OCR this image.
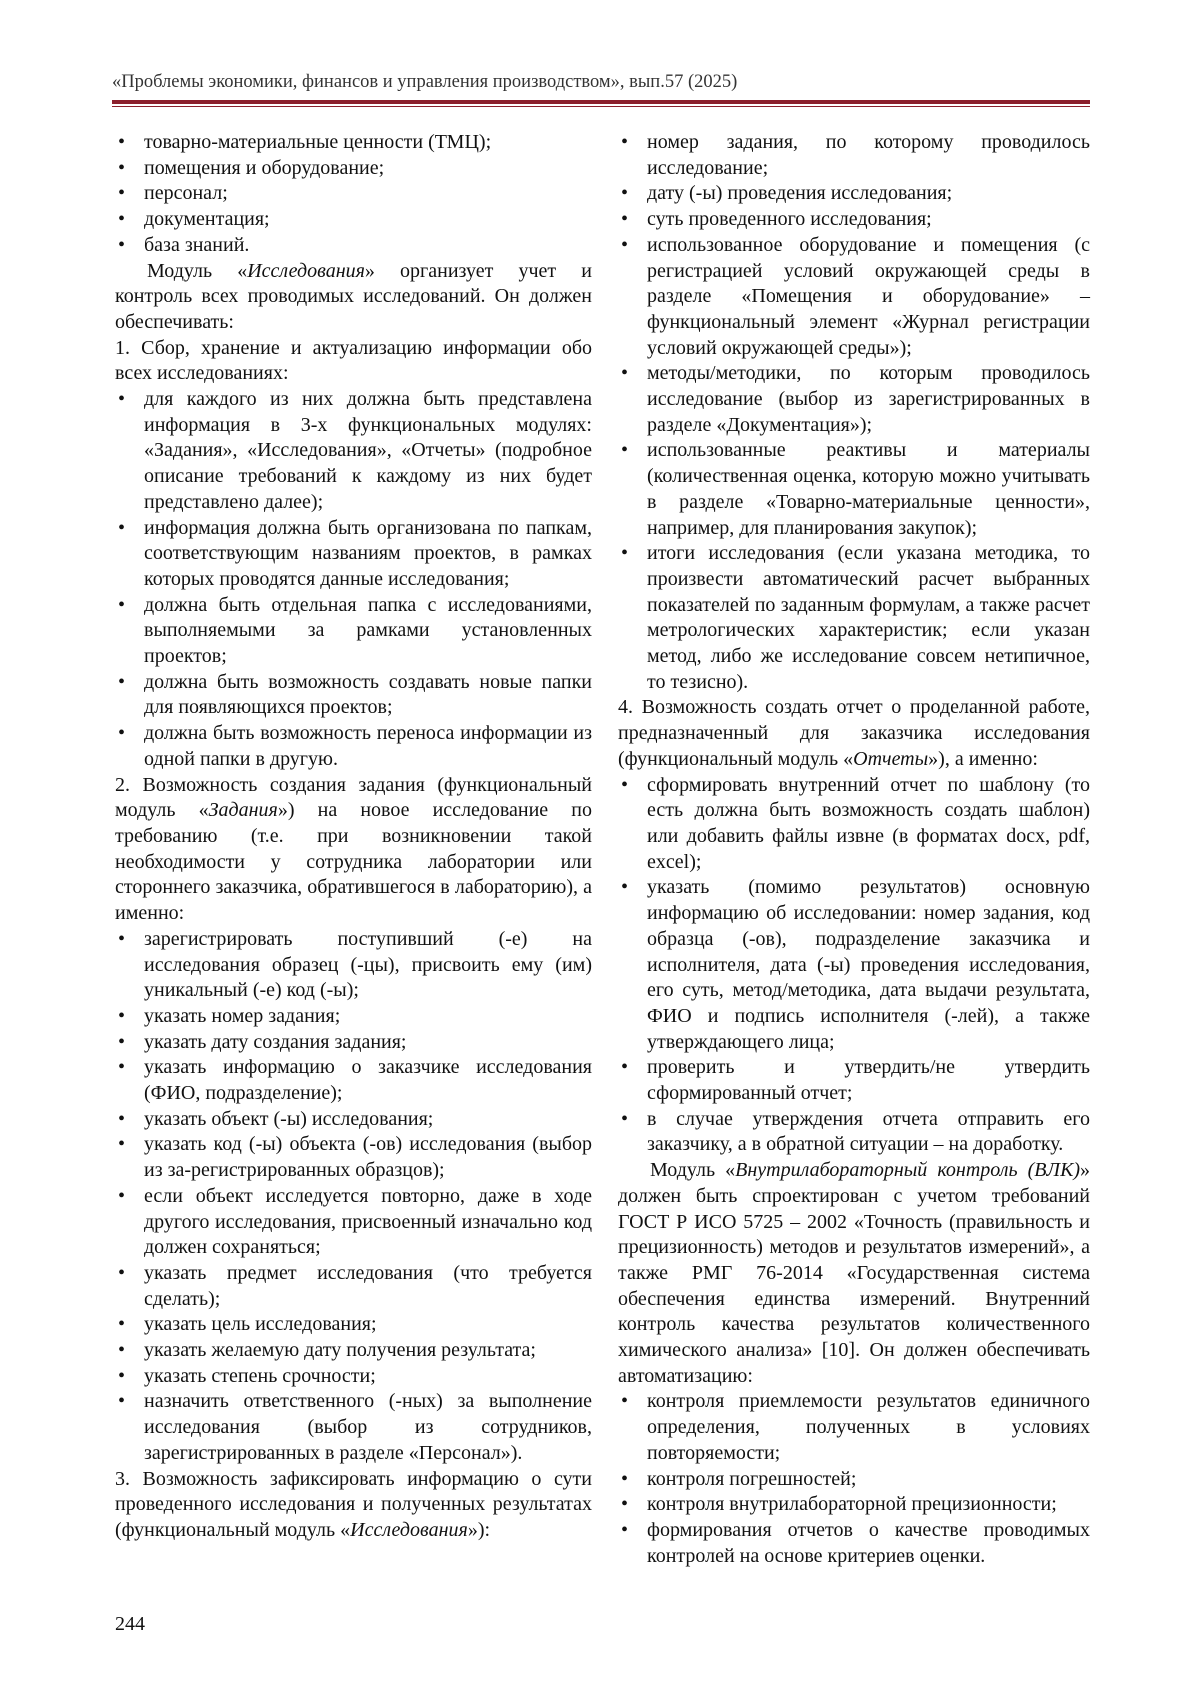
«Проблемы экономики, финансов и управления производством», вып.57 (2025)
• товарно-материальные ценности (ТМЦ);
• помещения и оборудование;
• персонал;
• документация;
• база знаний.

Модуль «Исследования» организует учет и контроль всех проводимых исследований. Он должен обеспечивать:

1. Сбор, хранение и актуализацию информации обо всех исследованиях:

• для каждого из них должна быть представлена информация в 3-х функциональных модулях: «Задания», «Исследования», «Отчеты» (подробное описание требований к каждому из них будет представлено далее);
• информация должна быть организована по папкам, соответствующим названиям проектов, в рамках которых проводятся данные исследования;
• должна быть отдельная папка с исследованиями, выполняемыми за рамками установленных проектов;
• должна быть возможность создавать новые папки для появляющихся проектов;
• должна быть возможность переноса информации из одной папки в другую.

2. Возможность создания задания (функциональный модуль «Задания») на новое исследование по требованию (т.е. при возникновении такой необходимости у сотрудника лаборатории или стороннего заказчика, обратившегося в лабораторию), а именно:

• зарегистрировать поступивший (-е) на исследования образец (-цы), присвоить ему (им) уникальный (-е) код (-ы);
• указать номер задания;
• указать дату создания задания;
• указать информацию о заказчике исследования (ФИО, подразделение);
• указать объект (-ы) исследования;
• указать код (-ы) объекта (-ов) исследования (выбор из за-регистрированных образцов);
• если объект исследуется повторно, даже в ходе другого исследования, присвоенный изначально код должен сохраняться;
• указать предмет исследования (что требуется сделать);
• указать цель исследования;
• указать желаемую дату получения результата;
• указать степень срочности;
• назначить ответственного (-ных) за выполнение исследования (выбор из сотрудников, зарегистрированных в разделе «Персонал»).

3. Возможность зафиксировать информацию о сути проведенного исследования и полученных результатах (функциональный модуль «Исследования»):

• номер задания, по которому проводилось исследование;
• дату (-ы) проведения исследования;
• суть проведенного исследования;
• использованное оборудование и помещения (с регистрацией условий окружающей среды в разделе «Помещения и оборудование» – функциональный элемент «Журнал регистрации условий окружающей среды»);
• методы/методики, по которым проводилось исследование (выбор из зарегистрированных в разделе «Документация»);
• использованные реактивы и материалы (количественная оценка, которую можно учитывать в разделе «Товарно-материальные ценности», например, для планирования закупок);
• итоги исследования (если указана методика, то произвести автоматический расчет выбранных показателей по заданным формулам, а также расчет метрологических характеристик; если указан метод, либо же исследование совсем нетипичное, то тезисно).

4. Возможность создать отчет о проделанной работе, предназначенный для заказчика исследования (функциональный модуль «Отчеты»), а именно:

• сформировать внутренний отчет по шаблону (то есть должна быть возможность создать шаблон) или добавить файлы извне (в форматах docx, pdf, excel);
• указать (помимо результатов) основную информацию об исследовании: номер задания, код образца (-ов), подразделение заказчика и исполнителя, дата (-ы) проведения исследования, его суть, метод/методика, дата выдачи результата, ФИО и подпись исполнителя (-лей), а также утверждающего лица;
• проверить и утвердить/не утвердить сформированный отчет;
• в случае утверждения отчета отправить его заказчику, а в обратной ситуации – на доработку.

Модуль «Внутрилабораторный контроль (ВЛК)» должен быть спроектирован с учетом требований ГОСТ Р ИСО 5725 – 2002 «Точность (правильность и прецизионность) методов и результатов измерений», а также РМГ 76-2014 «Государственная система обеспечения единства измерений. Внутренний контроль качества результатов количественного химического анализа» [10]. Он должен обеспечивать автоматизацию:

• контроля приемлемости результатов единичного определения, полученных в условиях повторяемости;
• контроля погрешностей;
• контроля внутрилабораторной прецизионности;
• формирования отчетов о качестве проводимых контролей на основе критериев оценки.
244
